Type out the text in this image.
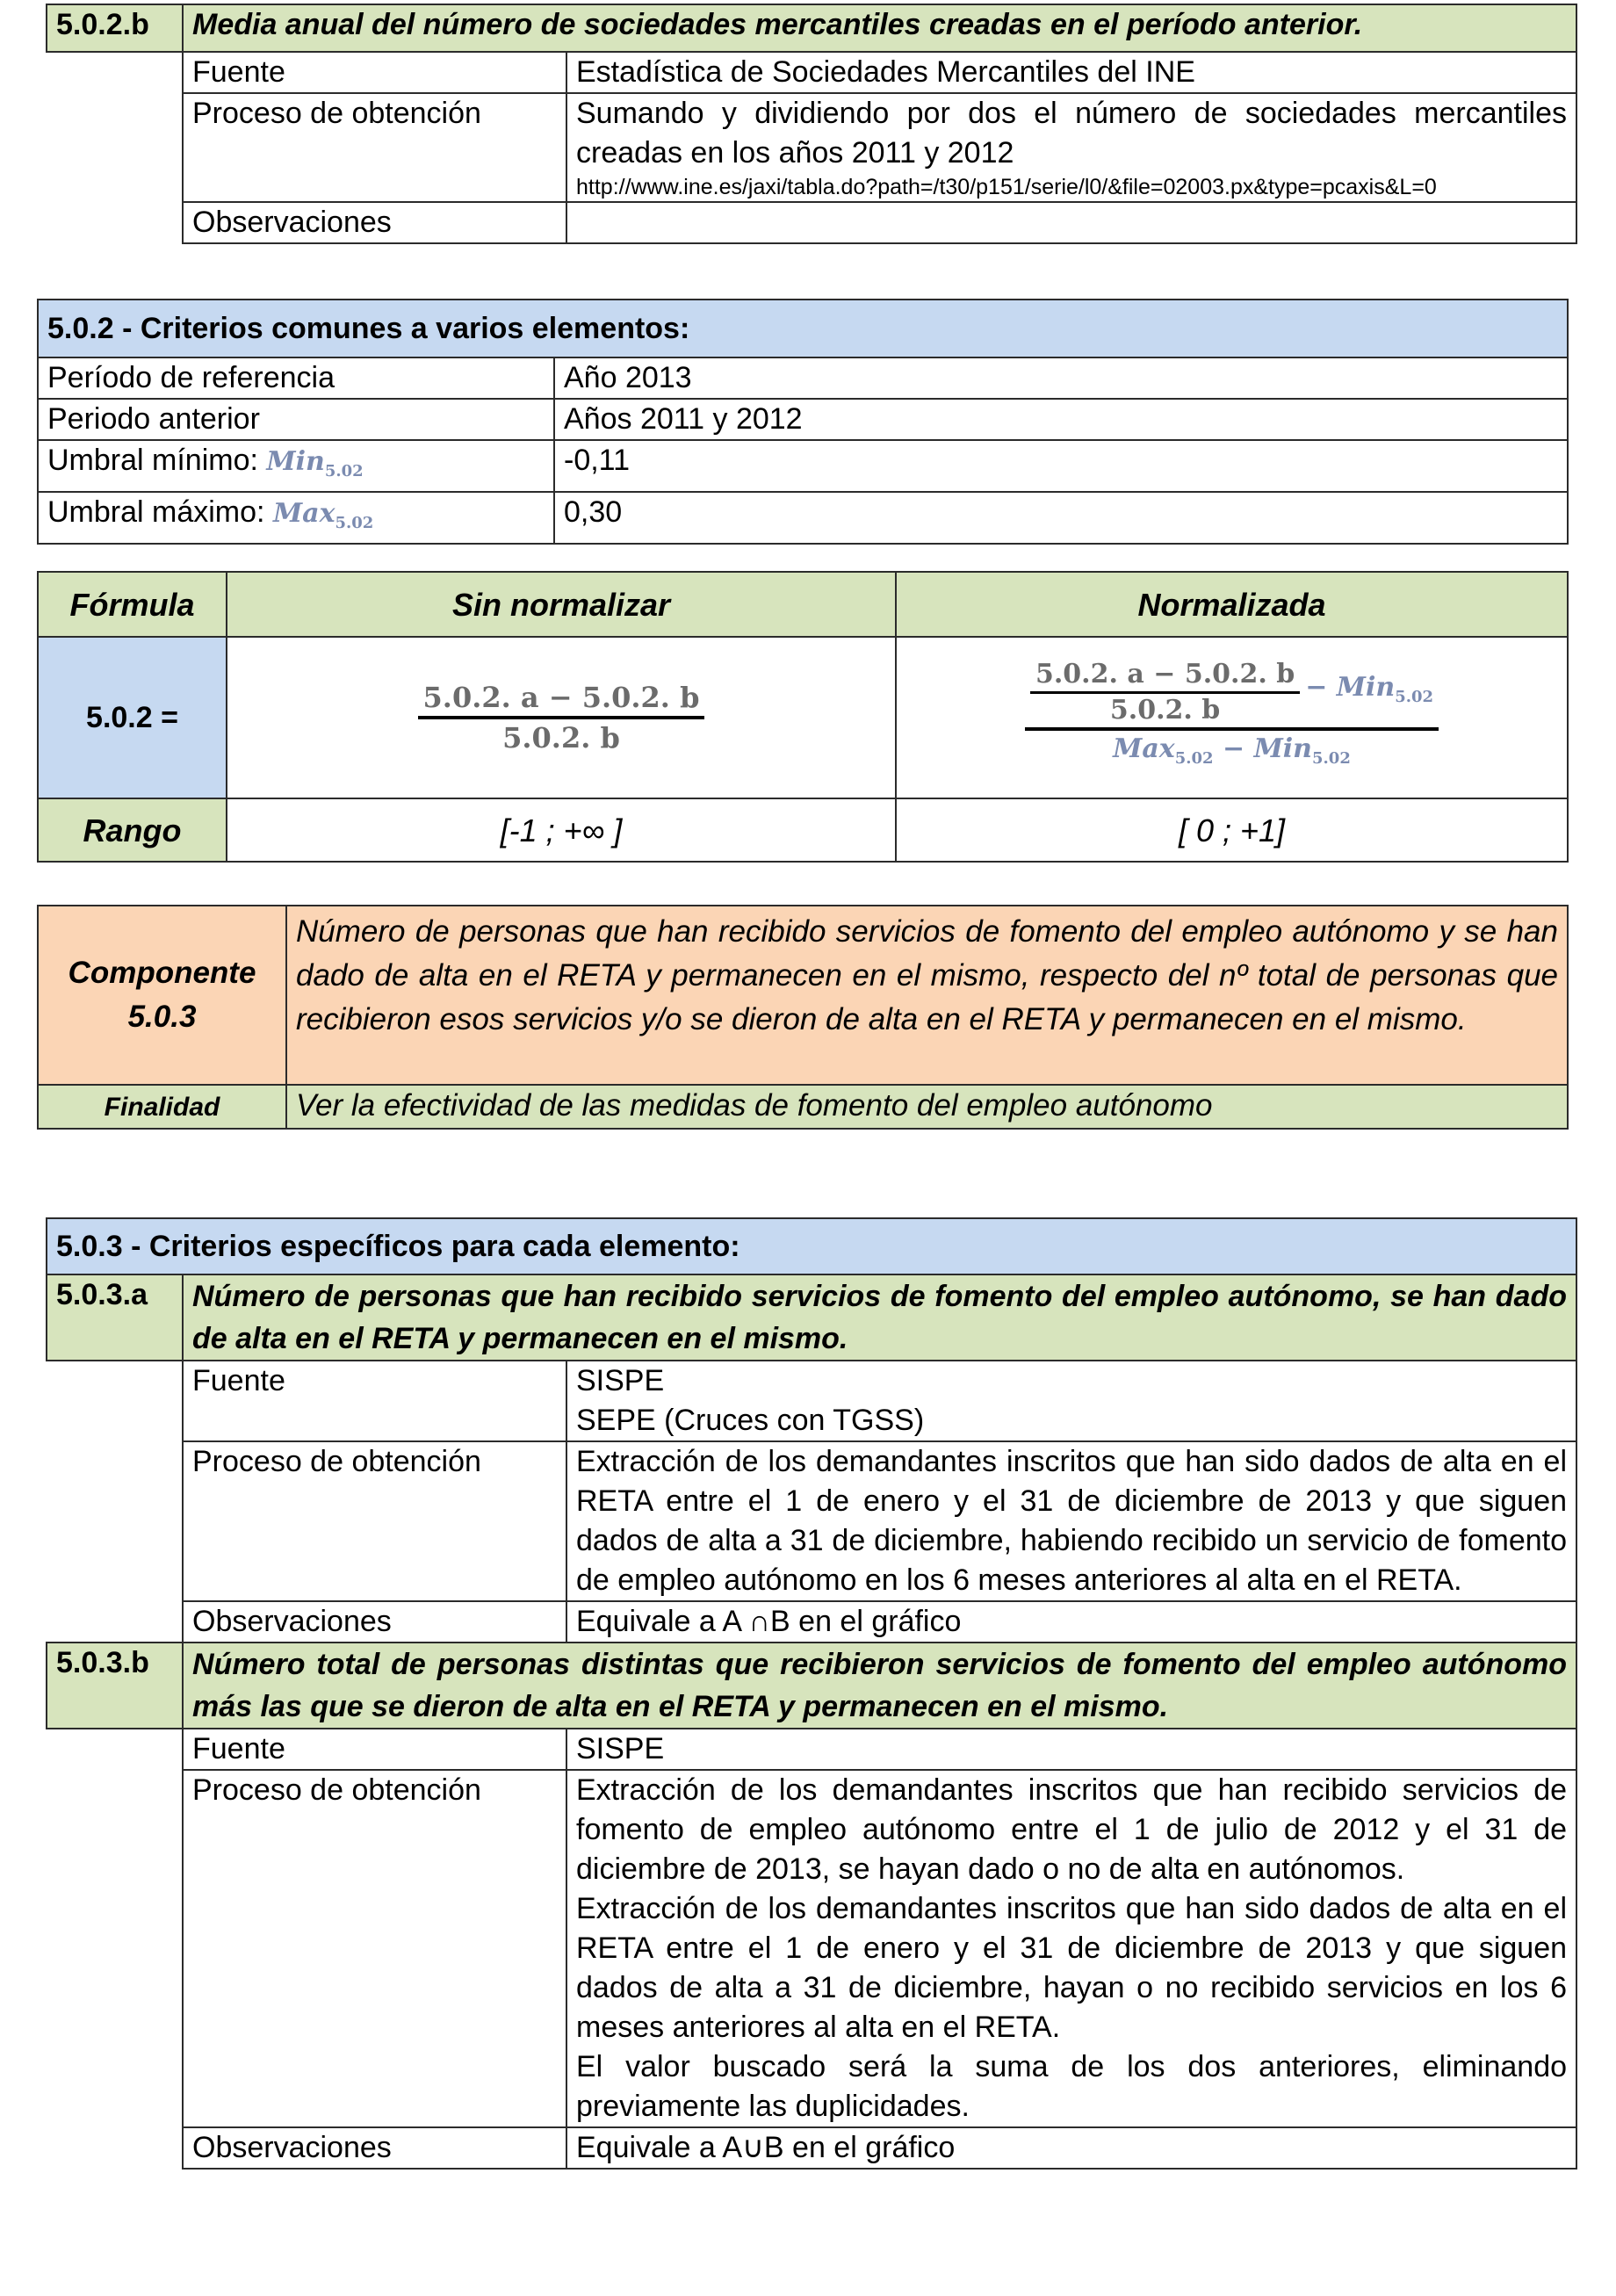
5.0.2.b	Media anual del número de sociedades mercantiles creadas en el período anterior.	
	Fuente	Estadística de Sociedades Mercantiles del INE
	Proceso de obtención	Sumando y dividiendo por dos el número de sociedades mercantiles creadas en los años 2011 y 2012
http://www.ine.es/jaxi/tabla.do?path=/t30/p151/serie/l0/&file=02003.px&type=pcaxis&L=0

	Observaciones	
5.0.2 - Criterios comunes a varios elementos:	
Período de referencia	Año 2013
Periodo anterior	Años 2011 y 2012
Umbral mínimo: Min$_{5.02}$	-0,11
Umbral máximo: Max$_{5.02}$	0,30
Fórmula	Sin normalizar	Normalizada
5.0.2 =	$\frac{5.0.2. a - 5.0.2. b}{5.0.2. b}$	$\frac{5.0.2. a - 5.0.2. b}{5.0.2. b} - Min_{5.02}$
Max$_{5.02}$ − Min$_{5.02}$

Rango	[-1 ; +∞ ]	[ 0 ; +1]
Componente
5.0.3	Número de personas que han recibido servicios de fomento del empleo autónomo y se han dado de alta en el RETA y permanecen en el mismo, respecto del nº total de personas que recibieron esos servicios y/o se dieron de alta en el RETA y permanecen en el mismo.
Finalidad	Ver la efectividad de las medidas de fomento del empleo autónomo
5.0.3 - Criterios específicos para cada elemento:		
5.0.3.a	Número de personas que han recibido servicios de fomento del empleo autónomo, se han dado de alta en el RETA y permanecen en el mismo.	
	Fuente	SISPE
SEPE (Cruces con TGSS)

	Proceso de obtención	Extracción de los demandantes inscritos que han sido dados de alta en el RETA entre el 1 de enero y el 31 de diciembre de 2013 y que siguen dados de alta a 31 de diciembre, habiendo recibido un servicio de fomento de empleo autónomo en los 6 meses anteriores al alta en el RETA.
	Observaciones	Equivale a A ∩B en el gráfico
5.0.3.b	Número total de personas distintas que recibieron servicios de fomento del empleo autónomo más las que se dieron de alta en el RETA y permanecen en el mismo.	
	Fuente	SISPE
	Proceso de obtención	Extracción de los demandantes inscritos que han recibido servicios de fomento de empleo autónomo entre el 1 de julio de 2012 y el 31 de diciembre de 2013, se hayan dado o no de alta en autónomos.
Extracción de los demandantes inscritos que han sido dados de alta en el RETA entre el 1 de enero y el 31 de diciembre de 2013 y que siguen dados de alta a 31 de diciembre, hayan o no recibido servicios en los 6 meses anteriores al alta en el RETA.
El valor buscado será la suma de los dos anteriores, eliminando previamente las duplicidades.

	Observaciones	Equivale a A∪B en el gráfico
